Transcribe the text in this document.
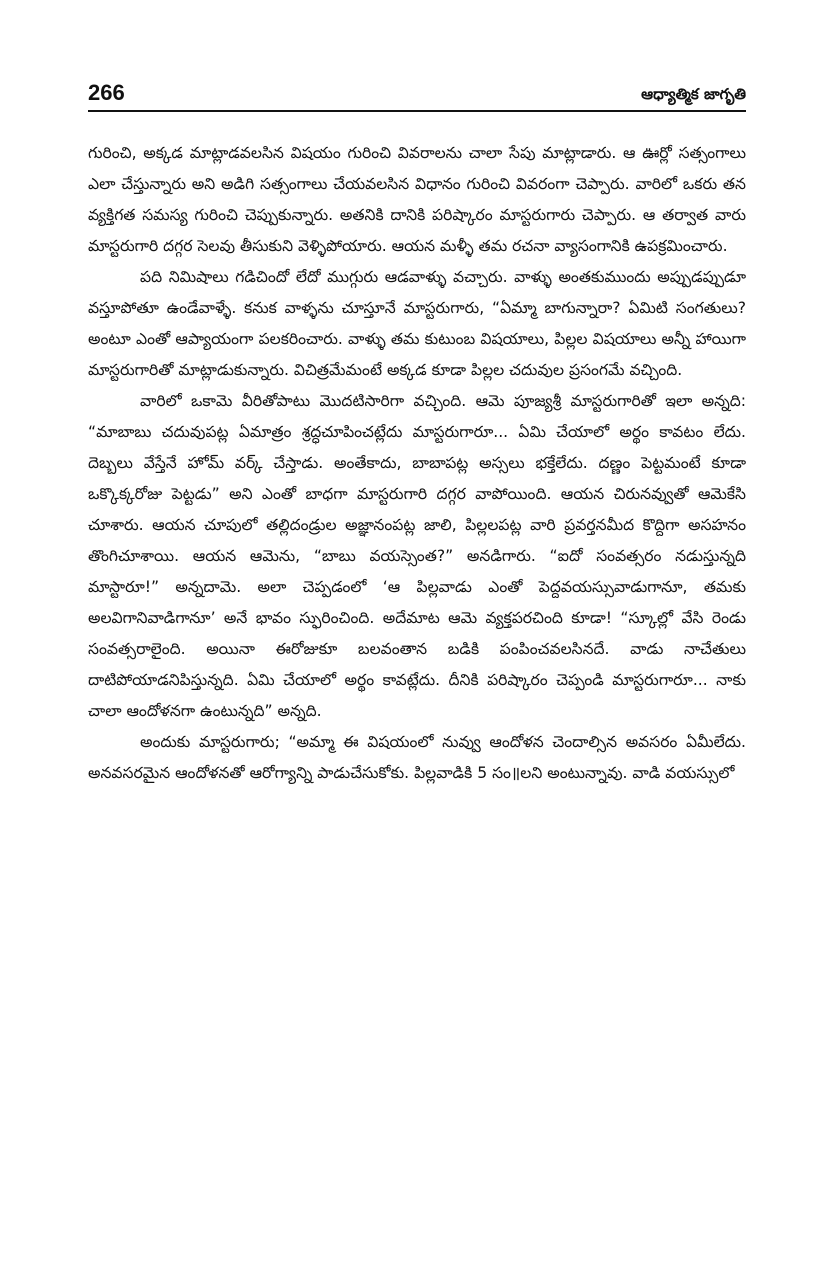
266	ఆధ్యాత్మిక జాగృతి

గురించి, అక్కడ మాట్లాడవలసిన విషయం గురించి వివరాలను చాలా సేపు మాట్లాడారు. ఆ ఊర్లో సత్సంగాలు ఎలా చేస్తున్నారు అని అడిగి సత్సంగాలు చేయవలసిన విధానం గురించి వివరంగా చెప్పారు. వారిలో ఒకరు తన వ్యక్తిగత సమస్య గురించి చెప్పుకున్నారు. అతనికి దానికి పరిష్కారం మాస్టరుగారు చెప్పారు. ఆ తర్వాత వారు మాస్టరుగారి దగ్గర సెలవు తీసుకుని వెళ్ళిపోయారు. ఆయన మళ్ళీ తమ రచనా వ్యాసంగానికి ఉపక్రమించారు.

పది నిమిషాలు గడిచిందో లేదో ముగ్గురు ఆడవాళ్ళు వచ్చారు. వాళ్ళు అంతకుముందు అప్పుడప్పుడూ వస్తూపోతూ ఉండేవాళ్ళే. కనుక వాళ్ళను చూస్తూనే మాస్టరుగారు, “ఏమ్మా బాగున్నారా? ఏమిటి సంగతులు? అంటూ ఎంతో ఆప్యాయంగా పలకరించారు. వాళ్ళు తమ కుటుంబ విషయాలు, పిల్లల విషయాలు అన్నీ హాయిగా మాస్టరుగారితో మాట్లాడుకున్నారు. విచిత్రమేమంటే అక్కడ కూడా పిల్లల చదువుల ప్రసంగమే వచ్చింది.

వారిలో ఒకామె వీరితోపాటు మొదటిసారిగా వచ్చింది. ఆమె పూజ్యశ్రీ మాస్టరుగారితో ఇలా అన్నది: “మాబాబు చదువుపట్ల ఏమాత్రం శ్రద్ధచూపించట్లేదు మాస్టరుగారూ... ఏమి చేయాలో అర్థం కావటం లేదు. దెబ్బలు వేస్తేనే హోమ్ వర్క్ చేస్తాడు. అంతేకాదు, బాబాపట్ల అస్సలు భక్తేలేదు. దణ్ణం పెట్టమంటే కూడా ఒక్కొక్కరోజు పెట్టడు” అని ఎంతో బాధగా మాస్టరుగారి దగ్గర వాపోయింది. ఆయన చిరునవ్వుతో ఆమెకేసి చూశారు. ఆయన చూపులో తల్లిదండ్రుల అజ్ఞానంపట్ల జాలి, పిల్లలపట్ల వారి ప్రవర్తనమీద కొద్దిగా అసహనం తొంగిచూశాయి. ఆయన ఆమెను, “బాబు వయస్సెంత?” అనడిగారు. “ఐదో సంవత్సరం నడుస్తున్నది మాస్టారూ!” అన్నదామె. అలా చెప్పడంలో ‘ఆ పిల్లవాడు ఎంతో పెద్దవయస్సువాడుగానూ, తమకు అలవిగానివాడిగానూ’ అనే భావం స్ఫురించింది. అదేమాట ఆమె వ్యక్తపరచింది కూడా! “స్కూల్లో వేసి రెండు సంవత్సరాలైంది. అయినా ఈరోజుకూ బలవంతాన బడికి పంపించవలసినదే. వాడు నాచేతులు దాటిపోయాడనిపిస్తున్నది. ఏమి చేయాలో అర్థం కావట్లేదు. దీనికి పరిష్కారం చెప్పండి మాస్టరుగారూ... నాకు చాలా ఆందోళనగా ఉంటున్నది” అన్నది.

అందుకు మాస్టరుగారు; “అమ్మా ఈ విషయంలో నువ్వు ఆందోళన చెందాల్సిన అవసరం ఏమీలేదు. అనవసరమైన ఆందోళనతో ఆరోగ్యాన్ని పాడుచేసుకోకు. పిల్లవాడికి 5 సం॥లని అంటున్నావు. వాడి వయస్సులో
